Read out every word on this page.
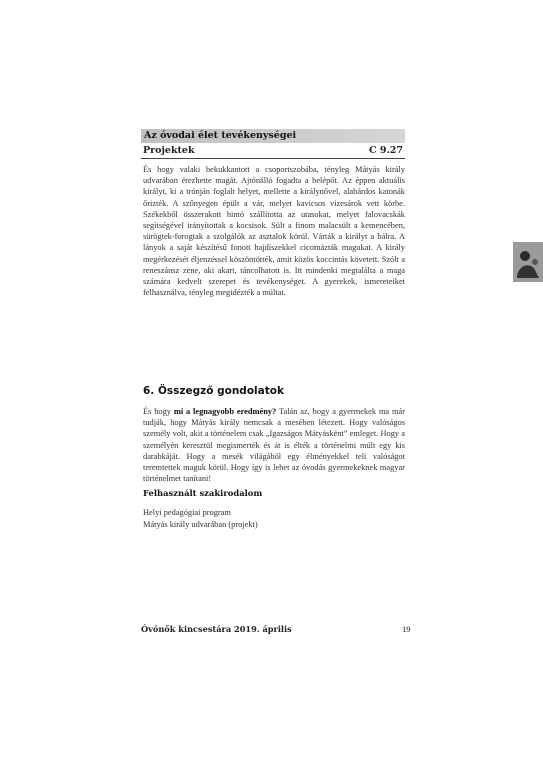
Az óvodai élet tevékenységei
Projektek	C 9.27
És hogy valaki bekukkantott a csoportszobába, tényleg Mátyás király udvarában érezhette magát. Ajtónálló fogadta a belépőt. Az éppen aktuális királyt, ki a trónján foglalt helyet, mellette a királynővel, alabárdos katonák őrizték. A szőnyegen épült a vár, melyet kavicsos vizesárok vett körbe. Székekből összerakott hintó szállította az utasokat, melyet falovacskák segítségével irányítottak a kocsisok. Sült a finom malacsült a kemencében, sürögtek-forogtak a szolgálók az asztalok körül. Várták a királyt a bálra. A lányok a saját készítésű fonott hajdíszekkel cicomázták magukat. A király megérkezését éljenzéssel köszöntötték, amit közös koccintás követett. Szólt a reneszánsz zene, aki akart, táncolhatott is. Itt mindenki megtalálta a maga számára kedvelt szerepet és tevékenységet. A gyerekek, ismereteiket felhasználva, tényleg megidézték a múltat.
6. Összegző gondolatok
És hogy mi a legnagyobb eredmény? Talán az, hogy a gyermekek ma már tudják, hogy Mátyás király nemcsak a mesében létezett. Hogy valóságos személy volt, akit a történelem csak „Igazságos Mátyásként” emleget. Hogy a személyén keresztül megismerték és át is élték a történelmi múlt egy kis darabkáját. Hogy a mesék világából egy élményekkel teli valóságot teremtettek maguk körül. Hogy így is lehet az óvodás gyermekeknek magyar történelmet tanítani!
Felhasznált szakirodalom
Helyi pedagógiai program
Mátyás király udvarában (projekt)
Óvónők kincsestára 2019. április	19
